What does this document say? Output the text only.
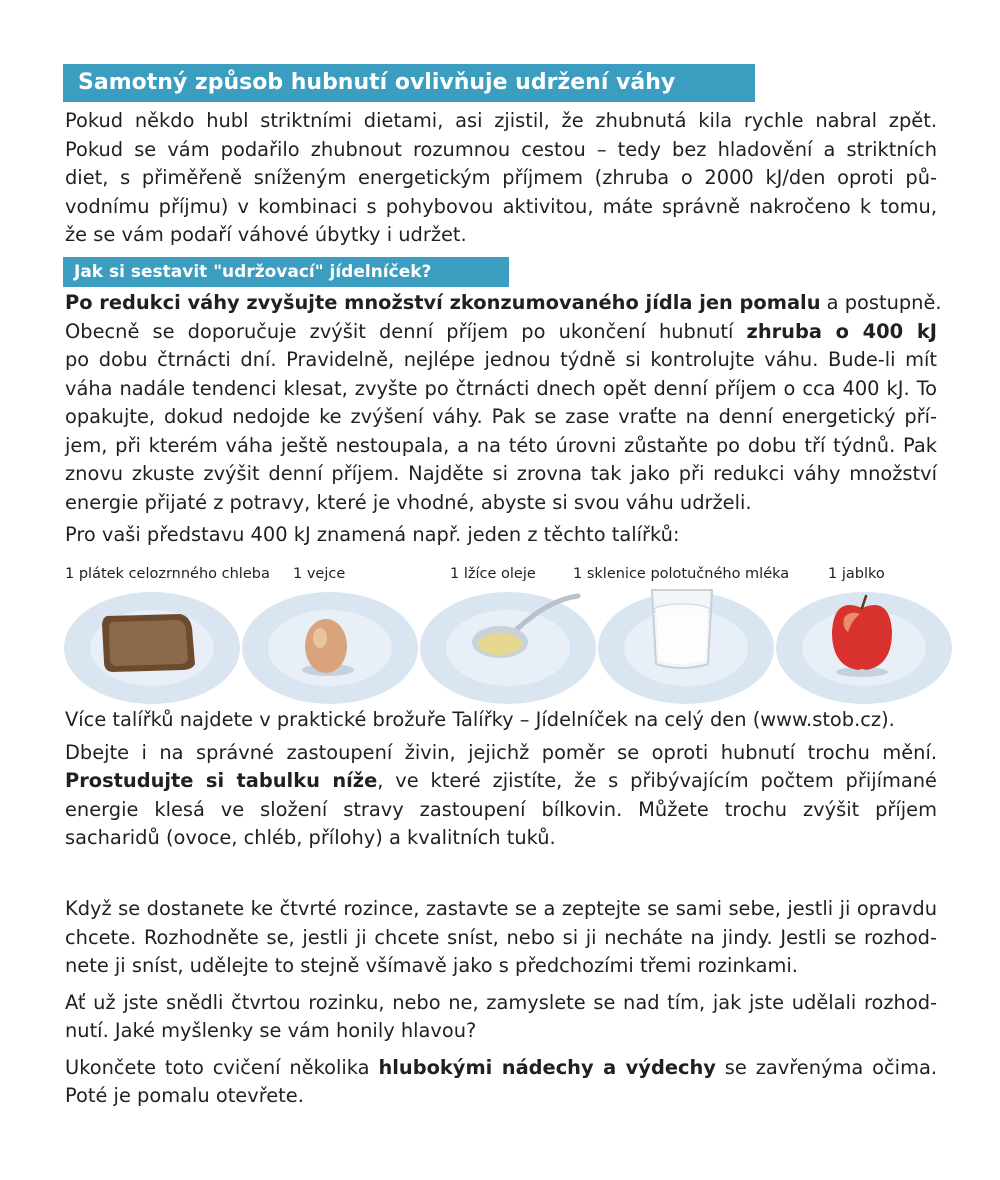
Samotný způsob hubnutí ovlivňuje udržení váhy
Pokud někdo hubl striktními dietami, asi zjistil, že zhubnutá kila rychle nabral zpět.
Pokud se vám podařilo zhubnout rozumnou cestou – tedy bez hladovění a striktních
diet, s přiměřeně sníženým energetickým příjmem (zhruba o 2000 kJ/den oproti pů-
vodnímu příjmu) v kombinaci s pohybovou aktivitou, máte správně nakročeno k tomu,
že se vám podaří váhové úbytky i udržet.
Jak si sestavit "udržovací" jídelníček?
Po redukci váhy zvyšujte množství zkonzumovaného jídla jen pomalu a postupně.
Obecně se doporučuje zvýšit denní příjem po ukončení hubnutí zhruba o 400 kJ
po dobu čtrnácti dní. Pravidelně, nejlépe jednou týdně si kontrolujte váhu. Bude-li mít
váha nadále tendenci klesat, zvyšte po čtrnácti dnech opět denní příjem o cca 400 kJ. To
opakujte, dokud nedojde ke zvýšení váhy. Pak se zase vraťte na denní energetický pří-
jem, při kterém váha ještě nestoupala, a na této úrovni zůstaňte po dobu tří týdnů. Pak
znovu zkuste zvýšit denní příjem. Najděte si zrovna tak jako při redukci váhy množství
energie přijaté z potravy, které je vhodné, abyste si svou váhu udrželi.
Pro vaši představu 400 kJ znamená např. jeden z těchto talířků:
1 plátek celozrnného chleba 1 vejce	1 lžíce oleje	1 sklenice polotučného mléka	1 jablko
Více talířků najdete v praktické brožuře Talířky – Jídelníček na celý den (www.stob.cz).
Dbejte i na správné zastoupení živin, jejichž poměr se oproti hubnutí trochu mění.
Prostudujte si tabulku níže, ve které zjistíte, že s přibývajícím počtem přijímané
energie klesá ve složení stravy zastoupení bílkovin. Můžete trochu zvýšit příjem
sacharidů (ovoce, chléb, přílohy) a kvalitních tuků.
Když se dostanete ke čtvrté rozince, zastavte se a zeptejte se sami sebe, jestli ji opravdu
chcete. Rozhodněte se, jestli ji chcete sníst, nebo si ji necháte na jindy. Jestli se rozhod-
nete ji sníst, udělejte to stejně všímavě jako s předchozími třemi rozinkami.
Ať už jste snědli čtvrtou rozinku, nebo ne, zamyslete se nad tím, jak jste udělali rozhod-
nutí. Jaké myšlenky se vám honily hlavou?
Ukončete toto cvičení několika hlubokými nádechy a výdechy se zavřenýma očima.
Poté je pomalu otevřete.
